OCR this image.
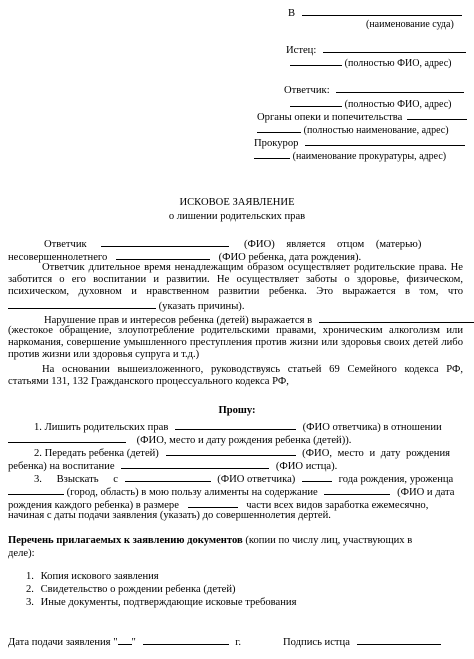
В
(наименование суда)
Истец:
(полностью ФИО, адрес)
Ответчик:
(полностью ФИО, адрес)
Органы опеки и попечительства
(полностью наименование, адрес)
Прокурор
(наименование прокуратуры, адрес)
ИСКОВОЕ ЗАЯВЛЕНИЕ
о лишении родительских прав
Ответчик	(ФИО) является отцом (матерью)
несовершеннолетнего	(ФИО ребенка, дата рождения).
Ответчик длительное время ненадлежащим образом осуществляет родительские права. Не заботится о его воспитании и развитии. Не осуществляет заботы о здоровье, физическом, психическом, духовном и нравственном развитии ребенка. Это выражается в том, что  (указать причины).
Нарушение прав и интересов ребенка (детей) выражается в
(жестокое обращение, злоупотребление родительскими правами, хроническим алкоголизм или наркомания, совершение умышленного преступления против жизни или здоровья своих детей либо против жизни или здоровья супруга и т.д.)
На основании вышеизложенного, руководствуясь статьей 69 Семейного кодекса РФ, статьями 131, 132 Гражданского процессуального кодекса РФ,
Прошу:
1. Лишить родительских прав	(ФИО ответчика) в отношении
(ФИО, место и дату рождения ребенка (детей)).
2. Передать ребенка (детей)	(ФИО, место и дату рождения
ребенка) на воспитание	(ФИО истца).
3. Взыскать с	(ФИО ответчика)	года рождения, уроженца
(город, область) в мою пользу алименты на содержание	(ФИО и дата
рождения каждого ребенка) в размере	части всех видов заработка ежемесячно,
начиная с даты подачи заявления (указать) до совершеннолетия дертей.
Перечень прилагаемых к заявлению документов (копии по числу лиц, участвующих в
деле):
1. Копия искового заявления
2. Свидетельство о рождении ребенка (детей)
3. Иные документы, подтверждающие исковые требования
Дата подачи заявления " "	г.	Подпись истца
